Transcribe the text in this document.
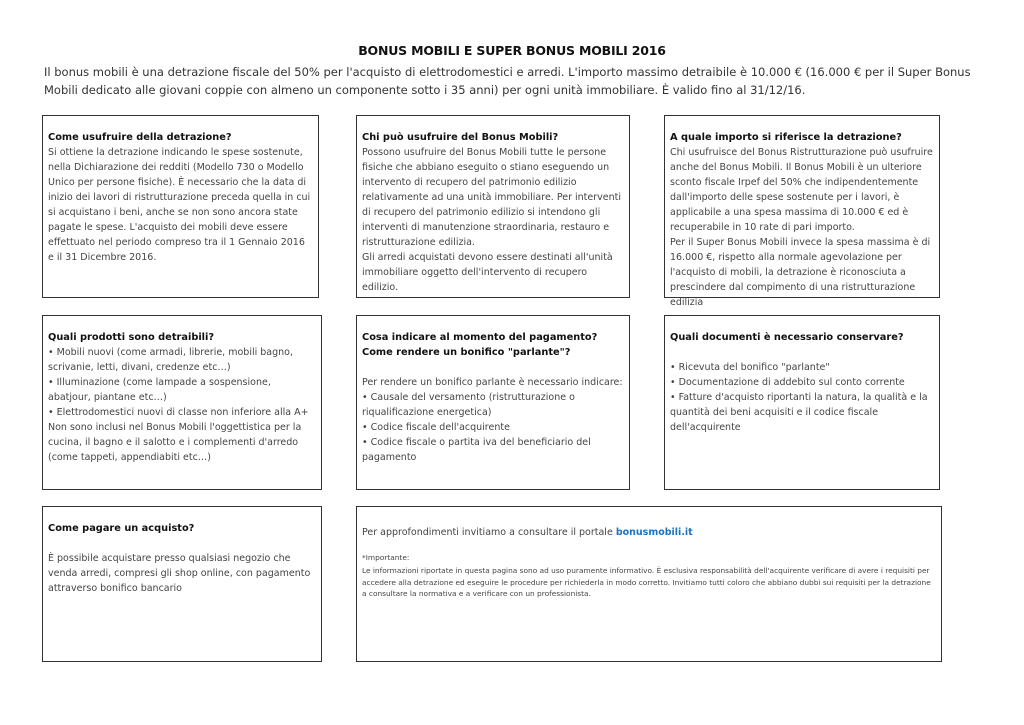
BONUS MOBILI E SUPER BONUS MOBILI 2016
Il bonus mobili è una detrazione fiscale del 50% per l'acquisto di elettrodomestici e arredi. L'importo massimo detraibile è 10.000 € (16.000 € per il Super Bonus Mobili dedicato alle giovani coppie con almeno un componente sotto i 35 anni) per ogni unità immobiliare. È valido fino al 31/12/16.
Come usufruire della detrazione?

Si ottiene la detrazione indicando le spese sostenute, nella Dichiarazione dei redditi (Modello 730 o Modello Unico per persone fisiche). È necessario che la data di inizio dei lavori di ristrutturazione preceda quella in cui si acquistano i beni, anche se non sono ancora state pagate le spese. L'acquisto dei mobili deve essere effettuato nel periodo compreso tra il 1 Gennaio 2016 e il 31 Dicembre 2016.

Chi può usufruire del Bonus Mobili?

Possono usufruire del Bonus Mobili tutte le persone fisiche che abbiano eseguito o stiano eseguendo un intervento di recupero del patrimonio edilizio relativamente ad una unità immobiliare. Per interventi di recupero del patrimonio edilizio si intendono gli interventi di manutenzione straordinaria, restauro e ristrutturazione edilizia.

Gli arredi acquistati devono essere destinati all'unità immobiliare oggetto dell'intervento di recupero edilizio.

A quale importo si riferisce la detrazione?

Chi usufruisce del Bonus Ristrutturazione può usufruire anche del Bonus Mobili. Il Bonus Mobili è un ulteriore sconto fiscale Irpef del 50% che indipendentemente dall'importo delle spese sostenute per i lavori, è applicabile a una spesa massima di 10.000 € ed è recuperabile in 10 rate di pari importo.

Per il Super Bonus Mobili invece la spesa massima è di 16.000 €, rispetto alla normale agevolazione per l'acquisto di mobili, la detrazione è riconosciuta a prescindere dal compimento di una ristrutturazione edilizia

Quali prodotti sono detraibili?
• Mobili nuovi (come armadi, librerie, mobili bagno, scrivanie, letti, divani, credenze etc…)
• Illuminazione (come lampade a sospensione, abatjour, piantane etc…)
• Elettrodomestici nuovi di classe non inferiore alla A+

Non sono inclusi nel Bonus Mobili l'oggettistica per la cucina, il bagno e il salotto e i complementi d'arredo (come tappeti, appendiabiti etc…)

Cosa indicare al momento del pagamento?
Come rendere un bonifico "parlante"?

Per rendere un bonifico parlante è necessario indicare:

• Causale del versamento (ristrutturazione o riqualificazione energetica)
• Codice fiscale dell'acquirente
• Codice fiscale o partita iva del beneficiario del pagamento
Quali documenti è necessario conservare?
• Ricevuta del bonifico "parlante"
• Documentazione di addebito sul conto corrente
• Fatture d'acquisto riportanti la natura, la qualità e la quantità dei beni acquisiti e il codice fiscale dell'acquirente
Come pagare un acquisto?

È possibile acquistare presso qualsiasi negozio che venda arredi, compresi gli shop online, con pagamento attraverso bonifico bancario

Per approfondimenti invitiamo a consultare il portale bonusmobili.it

*Importante:

Le informazioni riportate in questa pagina sono ad uso puramente informativo. È esclusiva responsabilità dell'acquirente verificare di avere i requisiti per accedere alla detrazione ed eseguire le procedure per richiederla in modo corretto. Invitiamo tutti coloro che abbiano dubbi sui requisiti per la detrazione a consultare la normativa e a verificare con un professionista.
